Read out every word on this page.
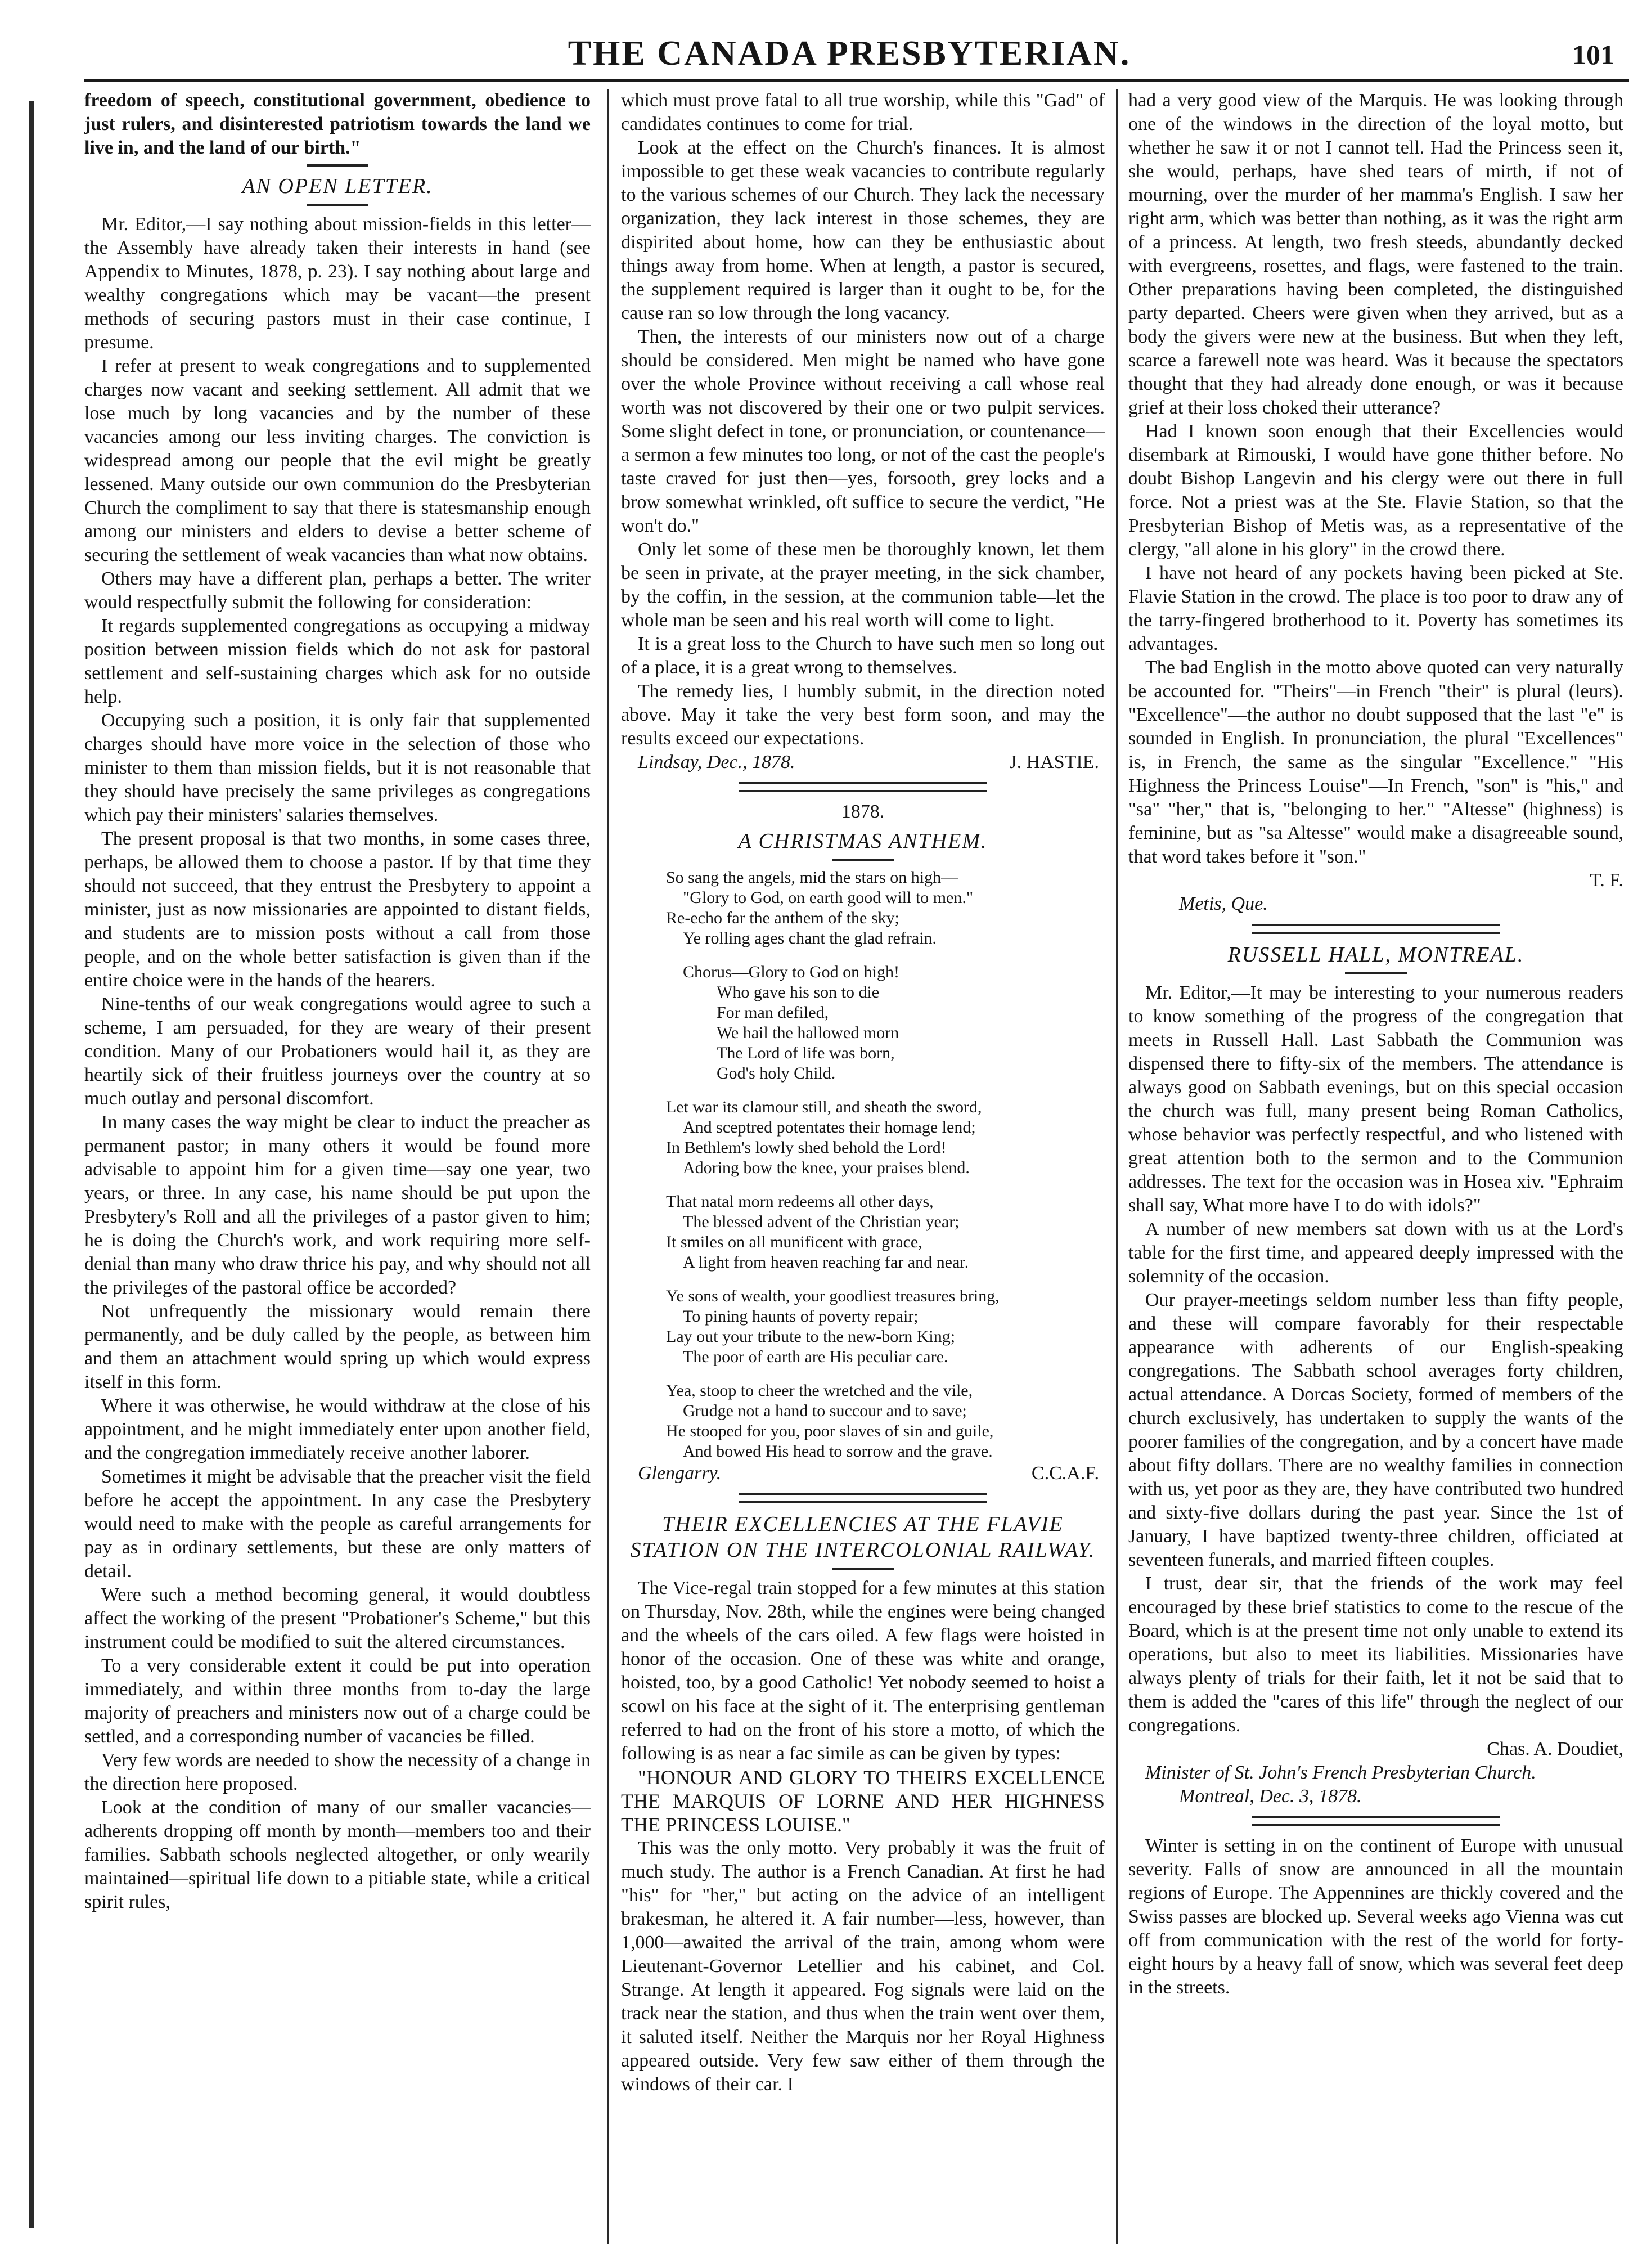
THE CANADA PRESBYTERIAN.	101

freedom of speech, constitutional government, obedience to just rulers, and disinterested patriotism towards the land we live in, and the land of our birth."

AN OPEN LETTER.

Mr. Editor,—I say nothing about mission-fields in this letter—the Assembly have already taken their interests in hand (see Appendix to Minutes, 1878, p. 23). I say nothing about large and wealthy congregations which may be vacant—the present methods of securing pastors must in their case continue, I presume.

I refer at present to weak congregations and to supplemented charges now vacant and seeking settlement. All admit that we lose much by long vacancies and by the number of these vacancies among our less inviting charges. The conviction is widespread among our people that the evil might be greatly lessened. Many outside our own communion do the Presbyterian Church the compliment to say that there is statesmanship enough among our ministers and elders to devise a better scheme of securing the settlement of weak vacancies than what now obtains.

Others may have a different plan, perhaps a better. The writer would respectfully submit the following for consideration:

It regards supplemented congregations as occupying a midway position between mission fields which do not ask for pastoral settlement and self-sustaining charges which ask for no outside help.

Occupying such a position, it is only fair that supplemented charges should have more voice in the selection of those who minister to them than mission fields, but it is not reasonable that they should have precisely the same privileges as congregations which pay their ministers' salaries themselves.

The present proposal is that two months, in some cases three, perhaps, be allowed them to choose a pastor. If by that time they should not succeed, that they entrust the Presbytery to appoint a minister, just as now missionaries are appointed to distant fields, and students are to mission posts without a call from those people, and on the whole better satisfaction is given than if the entire choice were in the hands of the hearers.

Nine-tenths of our weak congregations would agree to such a scheme, I am persuaded, for they are weary of their present condition. Many of our Probationers would hail it, as they are heartily sick of their fruitless journeys over the country at so much outlay and personal discomfort.

In many cases the way might be clear to induct the preacher as permanent pastor; in many others it would be found more advisable to appoint him for a given time—say one year, two years, or three. In any case, his name should be put upon the Presbytery's Roll and all the privileges of a pastor given to him; he is doing the Church's work, and work requiring more self-denial than many who draw thrice his pay, and why should not all the privileges of the pastoral office be accorded?

Not unfrequently the missionary would remain there permanently, and be duly called by the people, as between him and them an attachment would spring up which would express itself in this form.

Where it was otherwise, he would withdraw at the close of his appointment, and he might immediately enter upon another field, and the congregation immediately receive another laborer.

Sometimes it might be advisable that the preacher visit the field before he accept the appointment. In any case the Presbytery would need to make with the people as careful arrangements for pay as in ordinary settlements, but these are only matters of detail.

Were such a method becoming general, it would doubtless affect the working of the present "Probationer's Scheme," but this instrument could be modified to suit the altered circumstances.

To a very considerable extent it could be put into operation immediately, and within three months from to-day the large majority of preachers and ministers now out of a charge could be settled, and a corresponding number of vacancies be filled.

Very few words are needed to show the necessity of a change in the direction here proposed.

Look at the condition of many of our smaller vacancies—adherents dropping off month by month—members too and their families. Sabbath schools neglected altogether, or only wearily maintained—spiritual life down to a pitiable state, while a critical spirit rules,

which must prove fatal to all true worship, while this "Gad" of candidates continues to come for trial.

Look at the effect on the Church's finances. It is almost impossible to get these weak vacancies to contribute regularly to the various schemes of our Church. They lack the necessary organization, they lack interest in those schemes, they are dispirited about home, how can they be enthusiastic about things away from home. When at length, a pastor is secured, the supplement required is larger than it ought to be, for the cause ran so low through the long vacancy.

Then, the interests of our ministers now out of a charge should be considered. Men might be named who have gone over the whole Province without receiving a call whose real worth was not discovered by their one or two pulpit services. Some slight defect in tone, or pronunciation, or countenance—a sermon a few minutes too long, or not of the cast the people's taste craved for just then—yes, forsooth, grey locks and a brow somewhat wrinkled, oft suffice to secure the verdict, "He won't do."

Only let some of these men be thoroughly known, let them be seen in private, at the prayer meeting, in the sick chamber, by the coffin, in the session, at the communion table—let the whole man be seen and his real worth will come to light.

It is a great loss to the Church to have such men so long out of a place, it is a great wrong to themselves.

The remedy lies, I humbly submit, in the direction noted above. May it take the very best form soon, and may the results exceed our expectations.

Lindsay, Dec., 1878.	J. HASTIE.

1878.

A CHRISTMAS ANTHEM.
So sang the angels, mid the stars on high—
"Glory to God, on earth good will to men."
Re-echo far the anthem of the sky;
Ye rolling ages chant the glad refrain.
Chorus—Glory to God on high!
Who gave his son to die
For man defiled,
We hail the hallowed morn
The Lord of life was born,
God's holy Child.
Let war its clamour still, and sheath the sword,
And sceptred potentates their homage lend;
In Bethlem's lowly shed behold the Lord!
Adoring bow the knee, your praises blend.
That natal morn redeems all other days,
The blessed advent of the Christian year;
It smiles on all munificent with grace,
A light from heaven reaching far and near.
Ye sons of wealth, your goodliest treasures bring,
To pining haunts of poverty repair;
Lay out your tribute to the new-born King;
The poor of earth are His peculiar care.
Yea, stoop to cheer the wretched and the vile,
Grudge not a hand to succour and to save;
He stooped for you, poor slaves of sin and guile,
And bowed His head to sorrow and the grave.
Glengarry.	C.C.A.F.
THEIR EXCELLENCIES AT THE FLAVIE STATION ON THE INTERCOLONIAL RAILWAY.

The Vice-regal train stopped for a few minutes at this station on Thursday, Nov. 28th, while the engines were being changed and the wheels of the cars oiled. A few flags were hoisted in honor of the occasion. One of these was white and orange, hoisted, too, by a good Catholic! Yet nobody seemed to hoist a scowl on his face at the sight of it. The enterprising gentleman referred to had on the front of his store a motto, of which the following is as near a fac simile as can be given by types:

"HONOUR AND GLORY TO THEIRS EXCELLENCE THE MARQUIS OF LORNE AND HER HIGHNESS THE PRINCESS LOUISE."

This was the only motto. Very probably it was the fruit of much study. The author is a French Canadian. At first he had "his" for "her," but acting on the advice of an intelligent brakesman, he altered it. A fair number—less, however, than 1,000—awaited the arrival of the train, among whom were Lieutenant-Governor Letellier and his cabinet, and Col. Strange. At length it appeared. Fog signals were laid on the track near the station, and thus when the train went over them, it saluted itself. Neither the Marquis nor her Royal Highness appeared outside. Very few saw either of them through the windows of their car. I

had a very good view of the Marquis. He was looking through one of the windows in the direction of the loyal motto, but whether he saw it or not I cannot tell. Had the Princess seen it, she would, perhaps, have shed tears of mirth, if not of mourning, over the murder of her mamma's English. I saw her right arm, which was better than nothing, as it was the right arm of a princess. At length, two fresh steeds, abundantly decked with evergreens, rosettes, and flags, were fastened to the train. Other preparations having been completed, the distinguished party departed. Cheers were given when they arrived, but as a body the givers were new at the business. But when they left, scarce a farewell note was heard. Was it because the spectators thought that they had already done enough, or was it because grief at their loss choked their utterance?

Had I known soon enough that their Excellencies would disembark at Rimouski, I would have gone thither before. No doubt Bishop Langevin and his clergy were out there in full force. Not a priest was at the Ste. Flavie Station, so that the Presbyterian Bishop of Metis was, as a representative of the clergy, "all alone in his glory" in the crowd there.

I have not heard of any pockets having been picked at Ste. Flavie Station in the crowd. The place is too poor to draw any of the tarry-fingered brotherhood to it. Poverty has sometimes its advantages.

The bad English in the motto above quoted can very naturally be accounted for. "Theirs"—in French "their" is plural (leurs). "Excellence"—the author no doubt supposed that the last "e" is sounded in English. In pronunciation, the plural "Excellences" is, in French, the same as the singular "Excellence." "His Highness the Princess Louise"—In French, "son" is "his," and "sa" "her," that is, "belonging to her." "Altesse" (highness) is feminine, but as "sa Altesse" would make a disagreeable sound, that word takes before it "son."

T. F.
Metis, Que.
RUSSELL HALL, MONTREAL.

Mr. Editor,—It may be interesting to your numerous readers to know something of the progress of the congregation that meets in Russell Hall. Last Sabbath the Communion was dispensed there to fifty-six of the members. The attendance is always good on Sabbath evenings, but on this special occasion the church was full, many present being Roman Catholics, whose behavior was perfectly respectful, and who listened with great attention both to the sermon and to the Communion addresses. The text for the occasion was in Hosea xiv. "Ephraim shall say, What more have I to do with idols?"

A number of new members sat down with us at the Lord's table for the first time, and appeared deeply impressed with the solemnity of the occasion.

Our prayer-meetings seldom number less than fifty people, and these will compare favorably for their respectable appearance with adherents of our English-speaking congregations. The Sabbath school averages forty children, actual attendance. A Dorcas Society, formed of members of the church exclusively, has undertaken to supply the wants of the poorer families of the congregation, and by a concert have made about fifty dollars. There are no wealthy families in connection with us, yet poor as they are, they have contributed two hundred and sixty-five dollars during the past year. Since the 1st of January, I have baptized twenty-three children, officiated at seventeen funerals, and married fifteen couples.

I trust, dear sir, that the friends of the work may feel encouraged by these brief statistics to come to the rescue of the Board, which is at the present time not only unable to extend its operations, but also to meet its liabilities. Missionaries have always plenty of trials for their faith, let it not be said that to them is added the "cares of this life" through the neglect of our congregations.

Chas. A. Doudiet,
Minister of St. John's French Presbyterian Church.
Montreal, Dec. 3, 1878.

Winter is setting in on the continent of Europe with unusual severity. Falls of snow are announced in all the mountain regions of Europe. The Appennines are thickly covered and the Swiss passes are blocked up. Several weeks ago Vienna was cut off from communication with the rest of the world for forty-eight hours by a heavy fall of snow, which was several feet deep in the streets.
